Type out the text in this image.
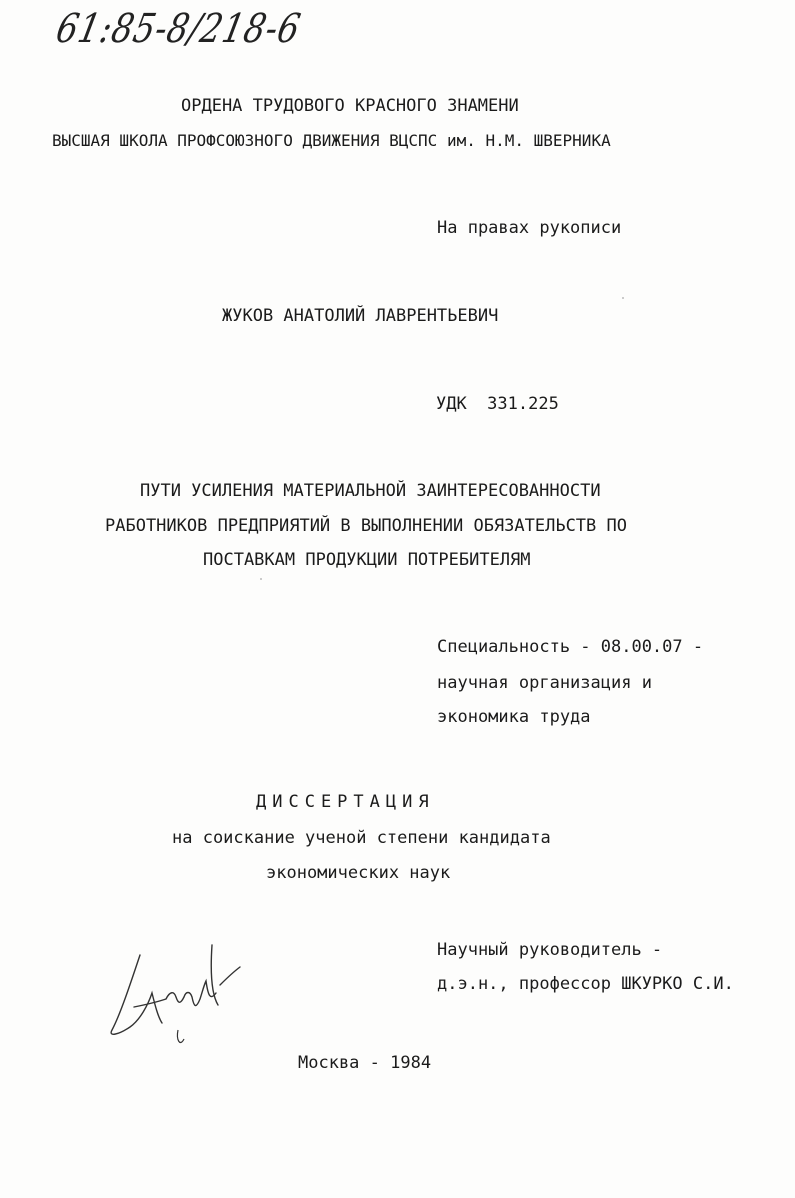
61:85-8/218-6
ОРДЕНА ТРУДОВОГО КРАСНОГО ЗНАМЕНИ
ВЫСШАЯ ШКОЛА ПРОФСОЮЗНОГО ДВИЖЕНИЯ ВЦСПС им. Н.М. ШВЕРНИКА
На правах рукописи
ЖУКОВ АНАТОЛИЙ ЛАВРЕНТЬЕВИЧ
УДК  331.225
ПУТИ УСИЛЕНИЯ МАТЕРИАЛЬНОЙ ЗАИНТЕРЕСОВАННОСТИ
РАБОТНИКОВ ПРЕДПРИЯТИЙ В ВЫПОЛНЕНИИ ОБЯЗАТЕЛЬСТВ ПО
ПОСТАВКАМ ПРОДУКЦИИ ПОТРЕБИТЕЛЯМ
Специальность - 08.00.07 -
научная организация и
экономика труда
ДИССЕРТАЦИЯ
на соискание ученой степени кандидата
экономических наук
Научный руководитель -
д.э.н., профессор ШКУРКО С.И.
Москва - 1984
